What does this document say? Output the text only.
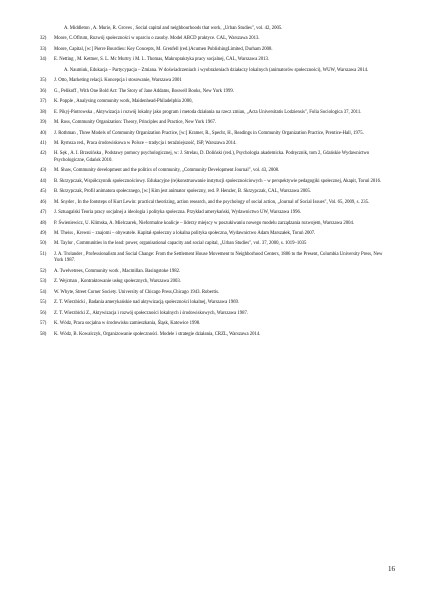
A. Middleton , A. Murie, R. Groves , Social capital and neighbourhoods that work, „Urban Studies", vol. 42, 2005.
32)	Moore, C.Oflrum, Rozwój społeczności w oparciu o zasoby. Model ABCD praktyce. CAL, Warszawa 2013.
33)	Moore, Capital, [w:] Pierre Bourdieu: Key Concepts, M. Grenfell (red.)Acumen PublishingLimited, Durham 2008.
34)	E. Netting , M. Kettner, S. L. Mc Murtry i M. L. Thomas, Makropraktyka pracy socjalnej, CAL, Warszawa 2013.
A. Naumiuk, Edukacja – Partycypacja – Zmiana. W doświadczeniach i wyobrażeniach działaczy lokalnych (animatorów społeczności), WUW, Warszawa 2014.
35)	J. Otto, Marketing relacji. Koncepcja i stosowanie, Warszawa 2001
36)	G., Pelikoff , With One Bold Act: The Story of Jane Addams, Boswell Books, New York 1999.
37)	K. Popple , Analysing community work, Maidenhead-Philadelphia 2000,
38)	E. Pikyj-Piotrowska , Aktywizacja i rozwój lokalny jako program i metoda działania na rzecz zmian, „Acta Universitatis Lodziensis", Folia Sociologica 37, 2011.
39)	M. Ross, Community Organization: Theory, Principles and Practice, New York 1967.
40)	J. Rothman , Three Models of Community Organization Practice, [w:] Kramer, R., Specht, H., Readings in Community Organization Practice, Prentice-Hall, 1975.
41)	M. Rymsza red., Praca środowiskowa w Polsce – tradycja i teraźniejszość, ISP, Warszawa 2014.
42)	H. Sęk , A. I. Brzezińska , Podstawy pomocy psychologicznej, w: J. Strelau, D. Doliński (red.), Psychologia akademicka. Podręcznik, tom 2, Gdańskie Wydawnictwo Psychologiczne, Gdańsk 2010.
43)	M. Shaw, Community development and the politics of community, „Community Development Journal", vol. 43, 2008.
44)	B. Skrzypczak, Współczynnik społecznościowy. Edukacyjne (re)konstruowanie instytucji społecznościowych – w perspektywie pedagogiki społecznej, Akapit, Toruń 2016.
45)	B. Skrzypczak, Profil animatora społecznego, [w:] Kim jest animator społeczny, red. P. Henzler, B. Skrzypczak, CAL, Warszawa 2005.
46)	M. Snyder , In the footsteps of Kurt Lewin: practical theorizing, action research, and the psychology of social action, „Journal of Social Issues", Vol. 65, 2009, s. 235.
47)	J. Sztuagalski Teoria pracy socjalnej a ideologia i polityka społeczna. Przykład amerykański, Wydawnictwo UW, Warszawa 1996.
48)	P. Świeniewicz, U. Klimska, A. Mielczarek, Nieformalne koalicje – liderzy miejscy w poszukiwaniu nowego modelu zarządzania rozwojem, Warszawa 2004.
49)	M. Theiss , Krewni – znajomi – obywatele. Kapitał społeczny a lokalna polityka społeczna, Wydawnictwo Adam Marszałek, Toruń 2007.
50)	M. Taylor , Communities in the lead: power, organisational capacity and social capital, „Urban Studies", vol. 37, 2000, s. 1019–1035
51)	J. A. Trolander , Professionalism and Social Change: From the Settlement House Movement to Neighborhood Centers, 1886 to the Present, Columbia University Press, New York 1987.
52)	A. Twelvetrees, Community work , Macmillan. Basingstoke 1982.
53)	Z. Wejcman , Kontraktowanie usług społecznych, Warszawa 2003.
54)	W. Whyte, Street Corner Society. University of Chicago Press,Chicago 1943. Robertis.
55)	Z. T. Wierzbicki , Badania amerykańskie nad aktywizacją społeczności lokalnej, Warszawa 1969.
56)	Z. T. Wierzbicki Z., Aktywizacja i rozwój społeczności lokalnych i środowiskowych, Warszawa 1987.
57)	K. Wódz, Praca socjalna w środowisku zamieszkania, Śląsk, Katowice 1998.
58)	K. Wódz, B. Kowalczyk, Organizowanie społeczności. Modele i strategie działania, CRZL, Warszawa 2014.
16
